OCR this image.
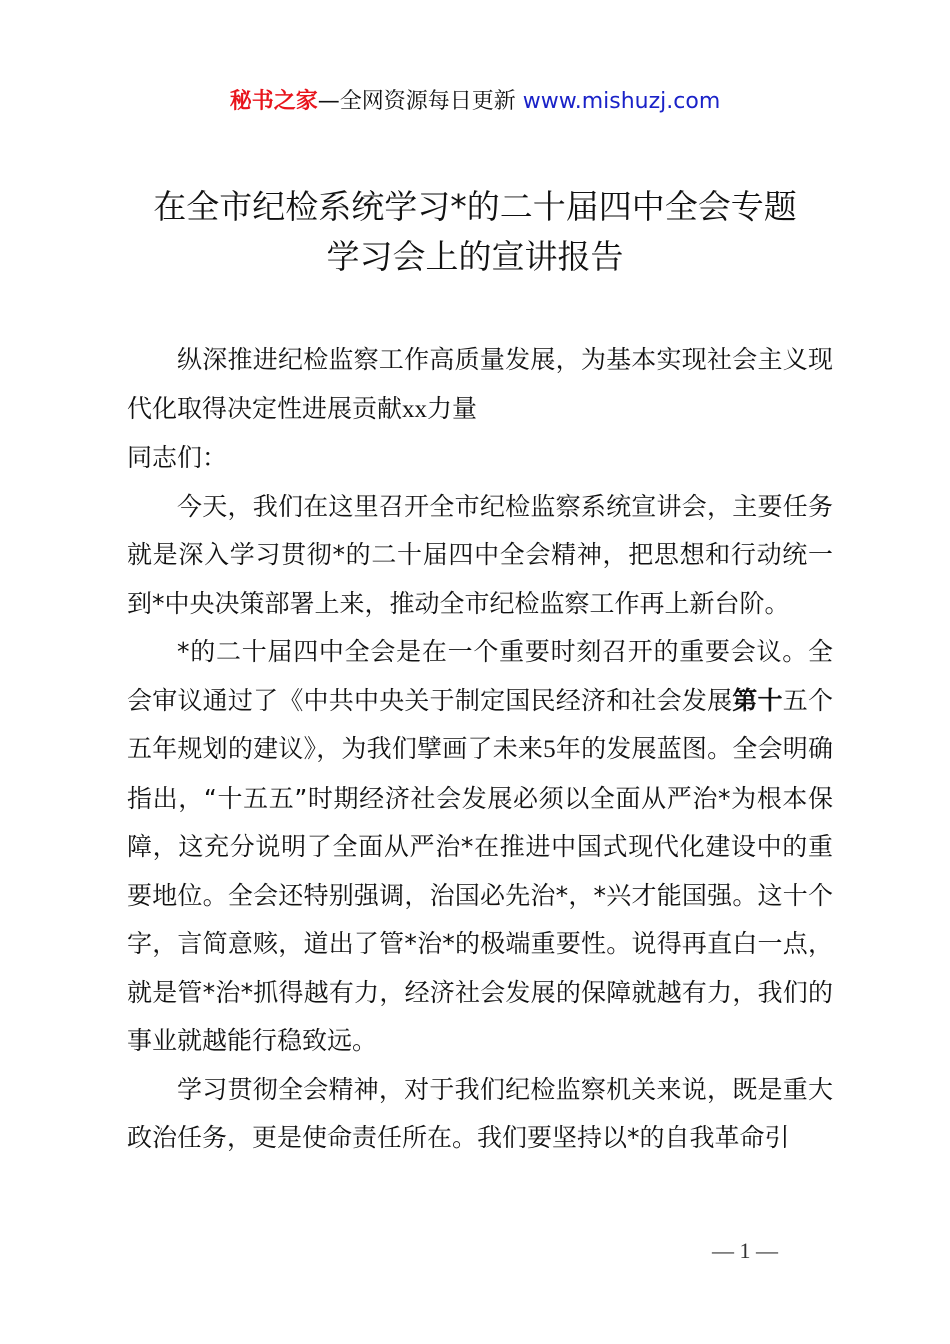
秘书之家—全网资源每日更新 www.mishuzj.com
在全市纪检系统学习*的二十届四中全会专题
学习会上的宣讲报告

纵深推进纪检监察工作高质量发展，为基本实现社会主义现代化取得决定性进展贡献xx力量

同志们：

今天，我们在这里召开全市纪检监察系统宣讲会，主要任务就是深入学习贯彻*的二十届四中全会精神，把思想和行动统一到*中央决策部署上来，推动全市纪检监察工作再上新台阶。

*的二十届四中全会是在一个重要时刻召开的重要会议。全会审议通过了《中共中央关于制定国民经济和社会发展第十五个五年规划的建议》，为我们擘画了未来5年的发展蓝图。全会明确指出，“十五五”时期经济社会发展必须以全面从严治*为根本保障，这充分说明了全面从严治*在推进中国式现代化建设中的重要地位。全会还特别强调，治国必先治*，*兴才能国强。这十个字，言简意赅，道出了管*治*的极端重要性。说得再直白一点，就是管*治*抓得越有力，经济社会发展的保障就越有力，我们的事业就越能行稳致远。

学习贯彻全会精神，对于我们纪检监察机关来说，既是重大政治任务，更是使命责任所在。我们要坚持以*的自我革命引

— 1 —
